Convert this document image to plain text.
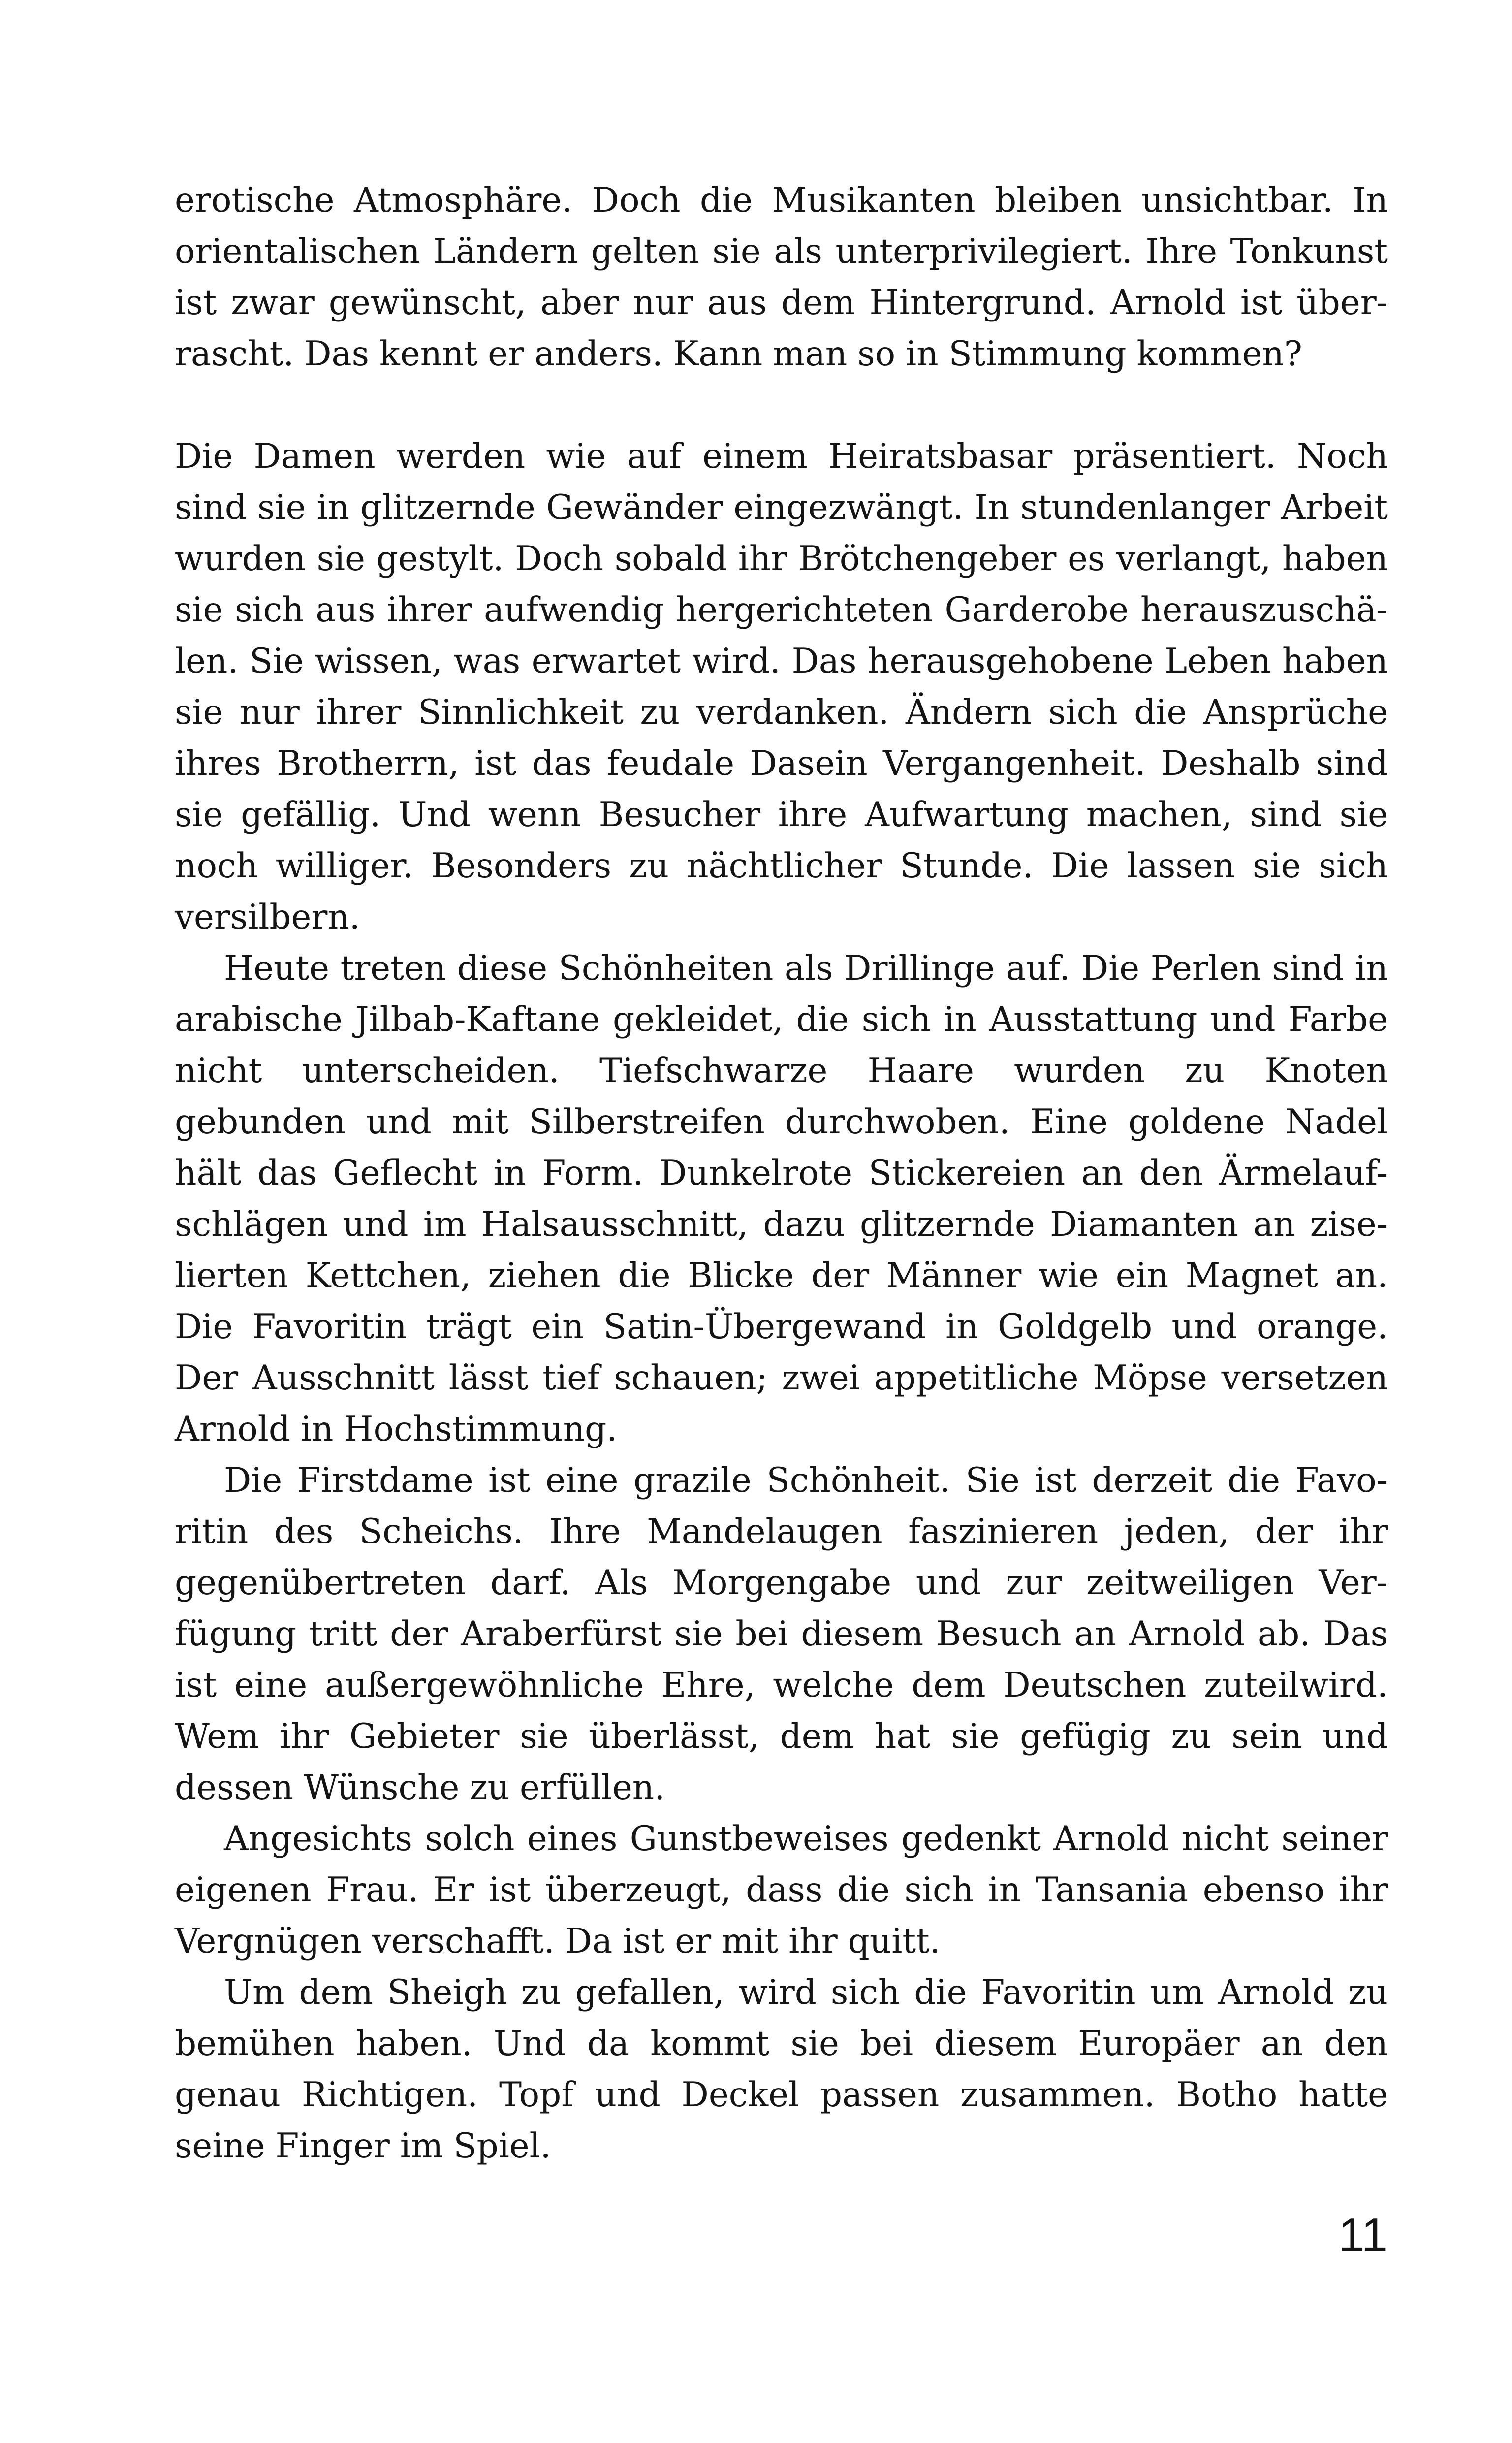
erotische Atmosphäre. Doch die Musikanten bleiben unsichtbar. In
orientalischen Ländern gelten sie als unterprivilegiert. Ihre Tonkunst
ist zwar gewünscht, aber nur aus dem Hintergrund. Arnold ist über-
rascht. Das kennt er anders. Kann man so in Stimmung kommen?
Die Damen werden wie auf einem Heiratsbasar präsentiert. Noch
sind sie in glitzernde Gewänder eingezwängt. In stundenlanger Arbeit
wurden sie gestylt. Doch sobald ihr Brötchengeber es verlangt, haben
sie sich aus ihrer aufwendig hergerichteten Garderobe herauszuschä-
len. Sie wissen, was erwartet wird. Das herausgehobene Leben haben
sie nur ihrer Sinnlichkeit zu verdanken. Ändern sich die Ansprüche
ihres Brotherrn, ist das feudale Dasein Vergangenheit. Deshalb sind
sie gefällig. Und wenn Besucher ihre Aufwartung machen, sind sie
noch williger. Besonders zu nächtlicher Stunde. Die lassen sie sich
versilbern.
Heute treten diese Schönheiten als Drillinge auf. Die Perlen sind in
arabische Jilbab-Kaftane gekleidet, die sich in Ausstattung und Farbe
nicht unterscheiden. Tiefschwarze Haare wurden zu Knoten
gebunden und mit Silberstreifen durchwoben. Eine goldene Nadel
hält das Geflecht in Form. Dunkelrote Stickereien an den Ärmelauf-
schlägen und im Halsausschnitt, dazu glitzernde Diamanten an zise-
lierten Kettchen, ziehen die Blicke der Männer wie ein Magnet an.
Die Favoritin trägt ein Satin-Übergewand in Goldgelb und orange.
Der Ausschnitt lässt tief schauen; zwei appetitliche Möpse versetzen
Arnold in Hochstimmung.
Die Firstdame ist eine grazile Schönheit. Sie ist derzeit die Favo-
ritin des Scheichs. Ihre Mandelaugen faszinieren jeden, der ihr
gegenübertreten darf. Als Morgengabe und zur zeitweiligen Ver-
fügung tritt der Araberfürst sie bei diesem Besuch an Arnold ab. Das
ist eine außergewöhnliche Ehre, welche dem Deutschen zuteilwird.
Wem ihr Gebieter sie überlässt, dem hat sie gefügig zu sein und
dessen Wünsche zu erfüllen.
Angesichts solch eines Gunstbeweises gedenkt Arnold nicht seiner
eigenen Frau. Er ist überzeugt, dass die sich in Tansania ebenso ihr
Vergnügen verschafft. Da ist er mit ihr quitt.
Um dem Sheigh zu gefallen, wird sich die Favoritin um Arnold zu
bemühen haben. Und da kommt sie bei diesem Europäer an den
genau Richtigen. Topf und Deckel passen zusammen. Botho hatte
seine Finger im Spiel.
11
